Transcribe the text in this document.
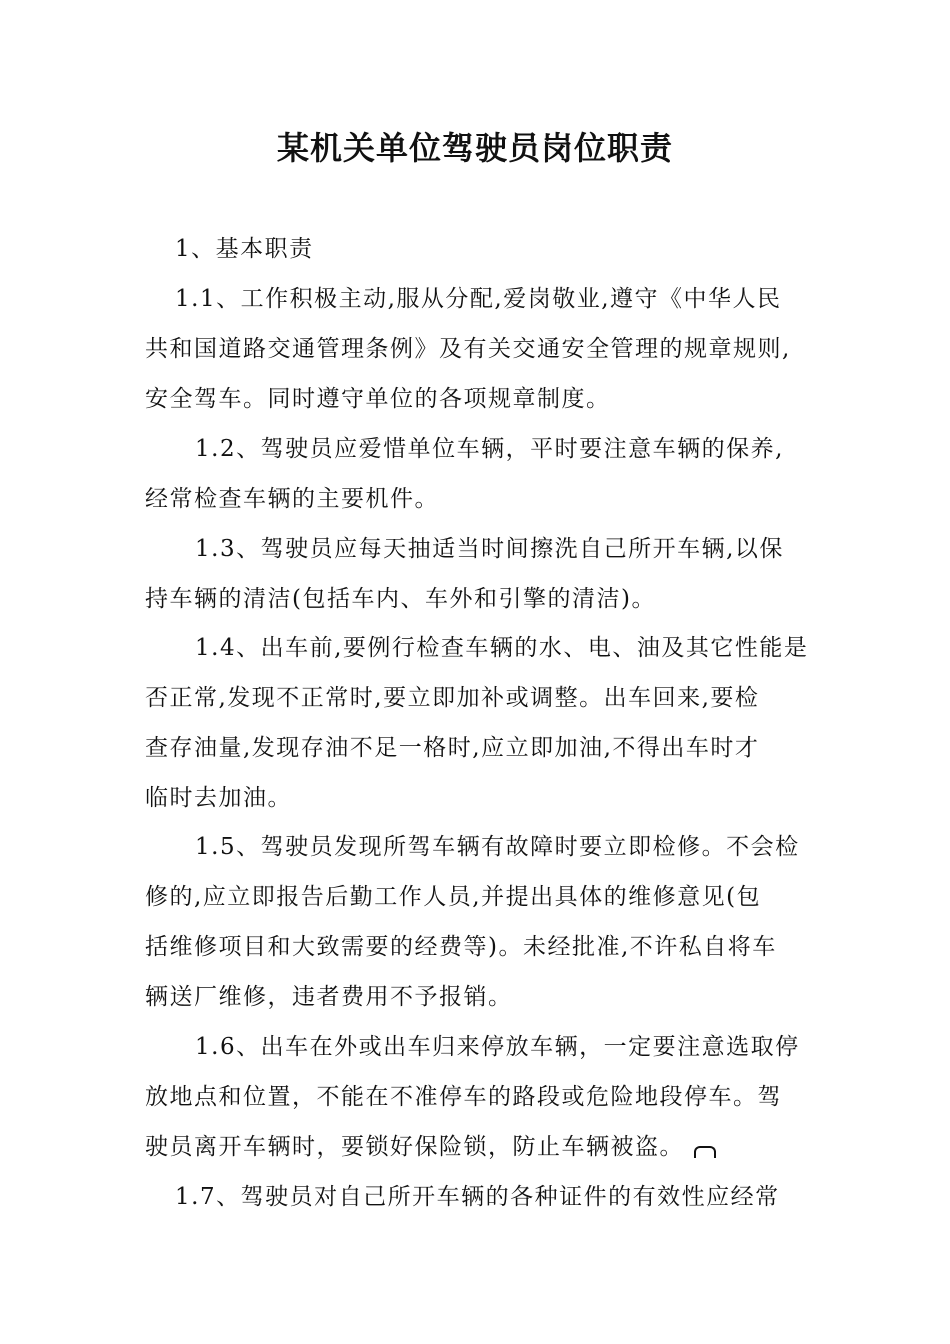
某机关单位驾驶员岗位职责
1、基本职责
1.1、工作积极主动,服从分配,爱岗敬业,遵守《中华人民
共和国道路交通管理条例》及有关交通安全管理的规章规则,
安全驾车。同时遵守单位的各项规章制度。
1.2、驾驶员应爱惜单位车辆，平时要注意车辆的保养,
经常检查车辆的主要机件。
1.3、驾驶员应每天抽适当时间擦洗自己所开车辆,以保
持车辆的清洁(包括车内、车外和引擎的清洁)。
1.4、出车前,要例行检查车辆的水、电、油及其它性能是
否正常,发现不正常时,要立即加补或调整。出车回来,要检
查存油量,发现存油不足一格时,应立即加油,不得出车时才
临时去加油。
1.5、驾驶员发现所驾车辆有故障时要立即检修。不会检
修的,应立即报告后勤工作人员,并提出具体的维修意见(包
括维修项目和大致需要的经费等)。未经批准,不许私自将车
辆送厂维修，违者费用不予报销。
1.6、出车在外或出车归来停放车辆，一定要注意选取停
放地点和位置，不能在不准停车的路段或危险地段停车。驾
驶员离开车辆时，要锁好保险锁，防止车辆被盗。
1.7、驾驶员对自己所开车辆的各种证件的有效性应经常
